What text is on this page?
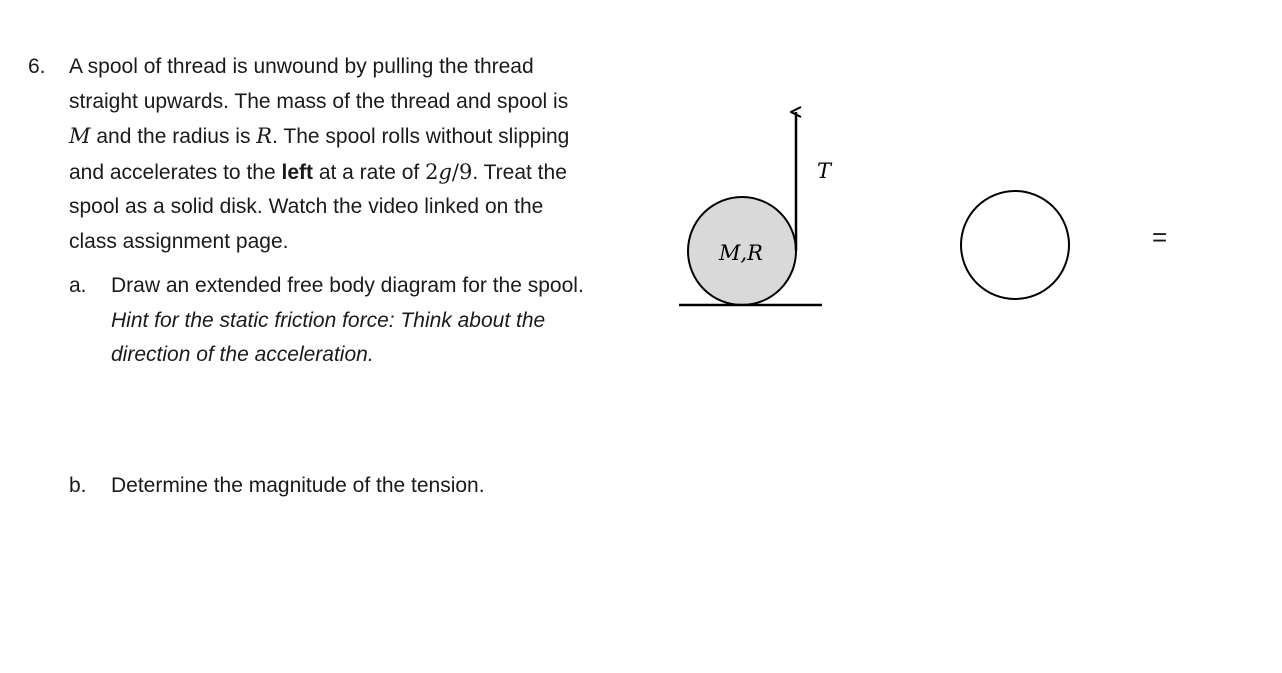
6. A spool of thread is unwound by pulling the thread
straight upwards. The mass of the thread and spool is
M and the radius is R. The spool rolls without slipping
and accelerates to the left at a rate of 2g/9. Treat the
spool as a solid disk. Watch the video linked on the
class assignment page.
a. Draw an extended free body diagram for the spool.
Hint for the static friction force: Think about the
direction of the acceleration.
b. Determine the magnitude of the tension.
M,R
T
=
